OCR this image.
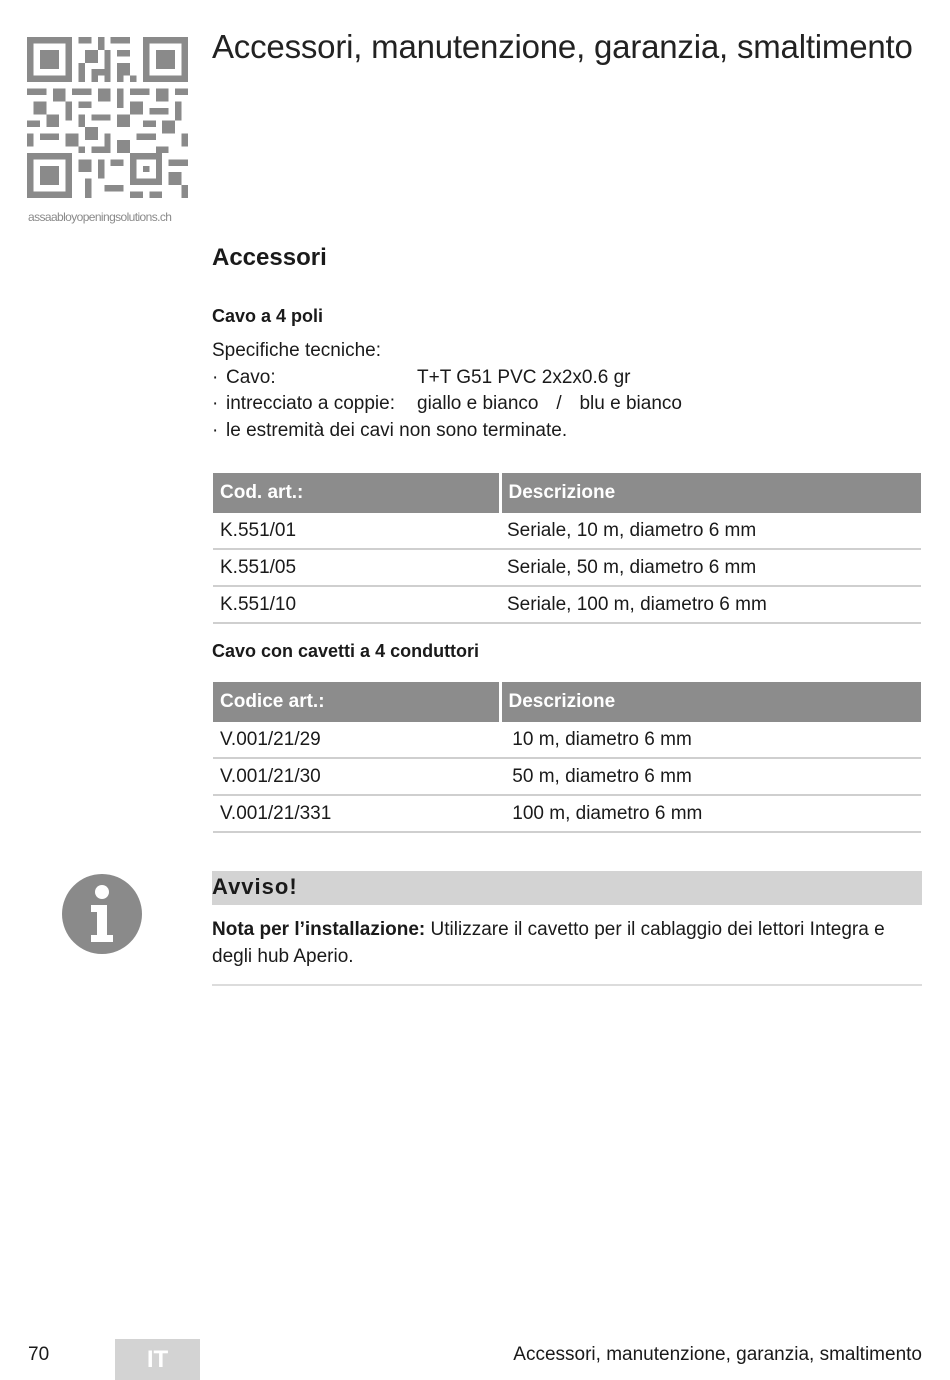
assaabloyopeningsolutions.ch
Accessori, manutenzione, garanzia, smaltimento
Accessori
Cavo a 4 poli
Specifiche tecniche:
· Cavo:	T+T G51 PVC 2x2x0.6 gr
· intrecciato a coppie:	giallo e bianco / blu e bianco
· le estremità dei cavi non sono terminate.
Cod. art.:	Descrizione
K.551/01	Seriale, 10 m, diametro 6 mm
K.551/05	Seriale, 50 m, diametro 6 mm
K.551/10	Seriale, 100 m, diametro 6 mm
Cavo con cavetti a 4 conduttori
Codice art.:	Descrizione
V.001/21/29	10 m, diametro 6 mm
V.001/21/30	50 m, diametro 6 mm
V.001/21/331	100 m, diametro 6 mm
Avviso!
Nota per l’installazione: Utilizzare il cavetto per il cablaggio dei lettori Integra e degli hub Aperio.
70	IT	Accessori, manutenzione, garanzia, smaltimento
